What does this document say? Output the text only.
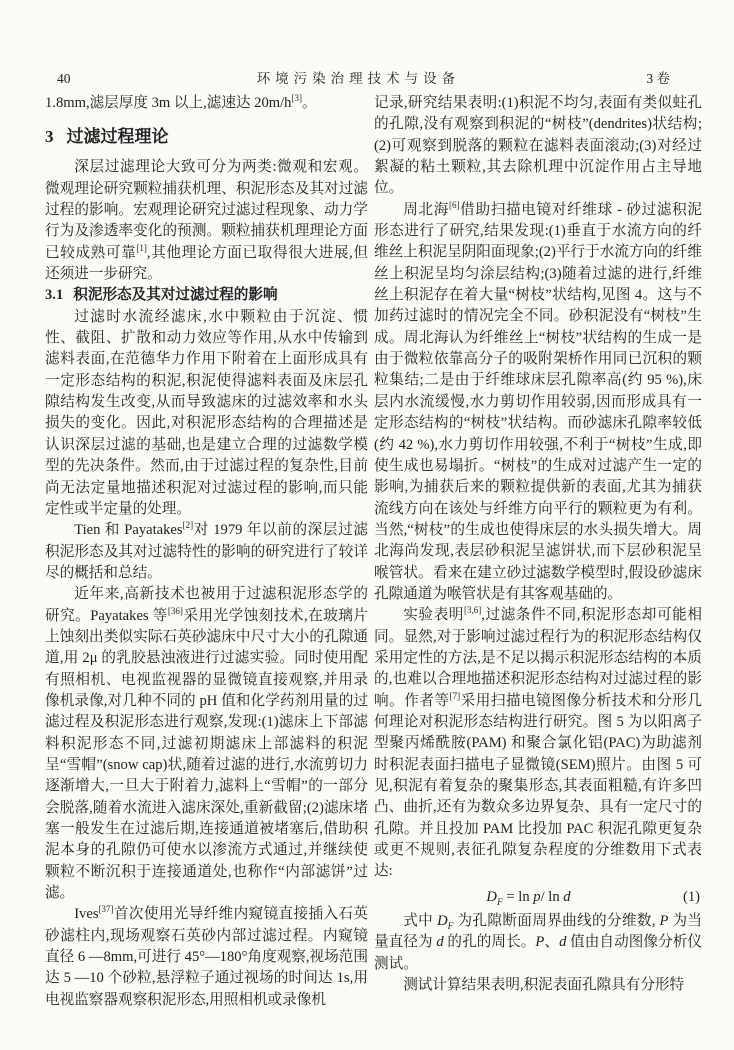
40	环境污染治理技术与设备	3 卷

1.8mm,滤层厚度 3m 以上,滤速达 20m/h[3]。

3 过滤过程理论

深层过滤理论大致可分为两类:微观和宏观。微观理论研究颗粒捕获机理、积泥形态及其对过滤过程的影响。宏观理论研究过滤过程现象、动力学行为及渗透率变化的预测。颗粒捕获机理理论方面已较成熟可靠[1],其他理论方面已取得很大进展,但还须进一步研究。

3.1 积泥形态及其对过滤过程的影响

过滤时水流经滤床,水中颗粒由于沉淀、惯性、截阻、扩散和动力效应等作用,从水中传输到滤料表面,在范德华力作用下附着在上面形成具有一定形态结构的积泥,积泥使得滤料表面及床层孔隙结构发生改变,从而导致滤床的过滤效率和水头损失的变化。因此,对积泥形态结构的合理描述是认识深层过滤的基础,也是建立合理的过滤数学模型的先决条件。然而,由于过滤过程的复杂性,目前尚无法定量地描述积泥对过滤过程的影响,而只能定性或半定量的处理。

Tien 和 Payatakes[2]对 1979 年以前的深层过滤积泥形态及其对过滤特性的影响的研究进行了较详尽的概括和总结。

近年来,高新技术也被用于过滤积泥形态学的研究。Payatakes 等[36]采用光学蚀刻技术,在玻璃片上蚀刻出类似实际石英砂滤床中尺寸大小的孔隙通道,用 2μ 的乳胶悬浊液进行过滤实验。同时使用配有照相机、电视监视器的显微镜直接观察,并用录像机录像,对几种不同的 pH 值和化学药剂用量的过滤过程及积泥形态进行观察,发现:(1)滤床上下部滤料积泥形态不同,过滤初期滤床上部滤料的积泥呈“雪帽”(snow cap)状,随着过滤的进行,水流剪切力逐渐增大,一旦大于附着力,滤料上“雪帽”的一部分会脱落,随着水流进入滤床深处,重新截留;(2)滤床堵塞一般发生在过滤后期,连接通道被堵塞后,借助积泥本身的孔隙仍可使水以渗流方式通过,并继续使颗粒不断沉积于连接通道处,也称作“内部滤饼”过滤。

Ives[37]首次使用光导纤维内窥镜直接插入石英砂滤柱内,现场观察石英砂内部过滤过程。内窥镜直径 6 —8mm,可进行 45°—180°角度观察,视场范围达 5 —10 个砂粒,悬浮粒子通过视场的时间达 1s,用电视监察器观察积泥形态,用照相机或录像机

记录,研究结果表明:(1)积泥不均匀,表面有类似蛀孔的孔隙,没有观察到积泥的“树枝”(dendrites)状结构;(2)可观察到脱落的颗粒在滤料表面滚动;(3)对经过絮凝的粘土颗粒,其去除机理中沉淀作用占主导地位。

周北海[6]借助扫描电镜对纤维球 - 砂过滤积泥形态进行了研究,结果发现:(1)垂直于水流方向的纤维丝上积泥呈阴阳面现象;(2)平行于水流方向的纤维丝上积泥呈均匀涂层结构;(3)随着过滤的进行,纤维丝上积泥存在着大量“树枝”状结构,见图 4。这与不加药过滤时的情况完全不同。砂积泥没有“树枝”生成。周北海认为纤维丝上“树枝”状结构的生成一是由于微粒依靠高分子的吸附架桥作用同已沉积的颗粒集结;二是由于纤维球床层孔隙率高(约 95 %),床层内水流缓慢,水力剪切作用较弱,因而形成具有一定形态结构的“树枝”状结构。而砂滤床孔隙率较低(约 42 %),水力剪切作用较强,不利于“树枝”生成,即使生成也易塌折。“树枝”的生成对过滤产生一定的影响,为捕获后来的颗粒提供新的表面,尤其为捕获流线方向在该处与纤维方向平行的颗粒更为有利。当然,“树枝”的生成也使得床层的水头损失增大。周北海尚发现,表层砂积泥呈滤饼状,而下层砂积泥呈喉管状。看来在建立砂过滤数学模型时,假设砂滤床孔隙通道为喉管状是有其客观基础的。

实验表明[3,6],过滤条件不同,积泥形态却可能相同。显然,对于影响过滤过程行为的积泥形态结构仅采用定性的方法,是不足以揭示积泥形态结构的本质的,也难以合理地描述积泥形态结构对过滤过程的影响。作者等[7]采用扫描电镜图像分析技术和分形几何理论对积泥形态结构进行研究。图 5 为以阳离子型聚丙烯酰胺(PAM) 和聚合氯化铝(PAC)为助滤剂时积泥表面扫描电子显微镜(SEM)照片。由图 5 可见,积泥有着复杂的聚集形态,其表面粗糙,有许多凹凸、曲折,还有为数众多边界复杂、具有一定尺寸的孔隙。并且投加 PAM 比投加 PAC 积泥孔隙更复杂或更不规则,表征孔隙复杂程度的分维数用下式表达:

$D_F = \ln p/$ ln d	(1)

式中 $D_F$ 为孔隙断面周界曲线的分维数, P 为当量直径为 d 的孔的周长。P、d 值由自动图像分析仪测试。

测试计算结果表明,积泥表面孔隙具有分形特
